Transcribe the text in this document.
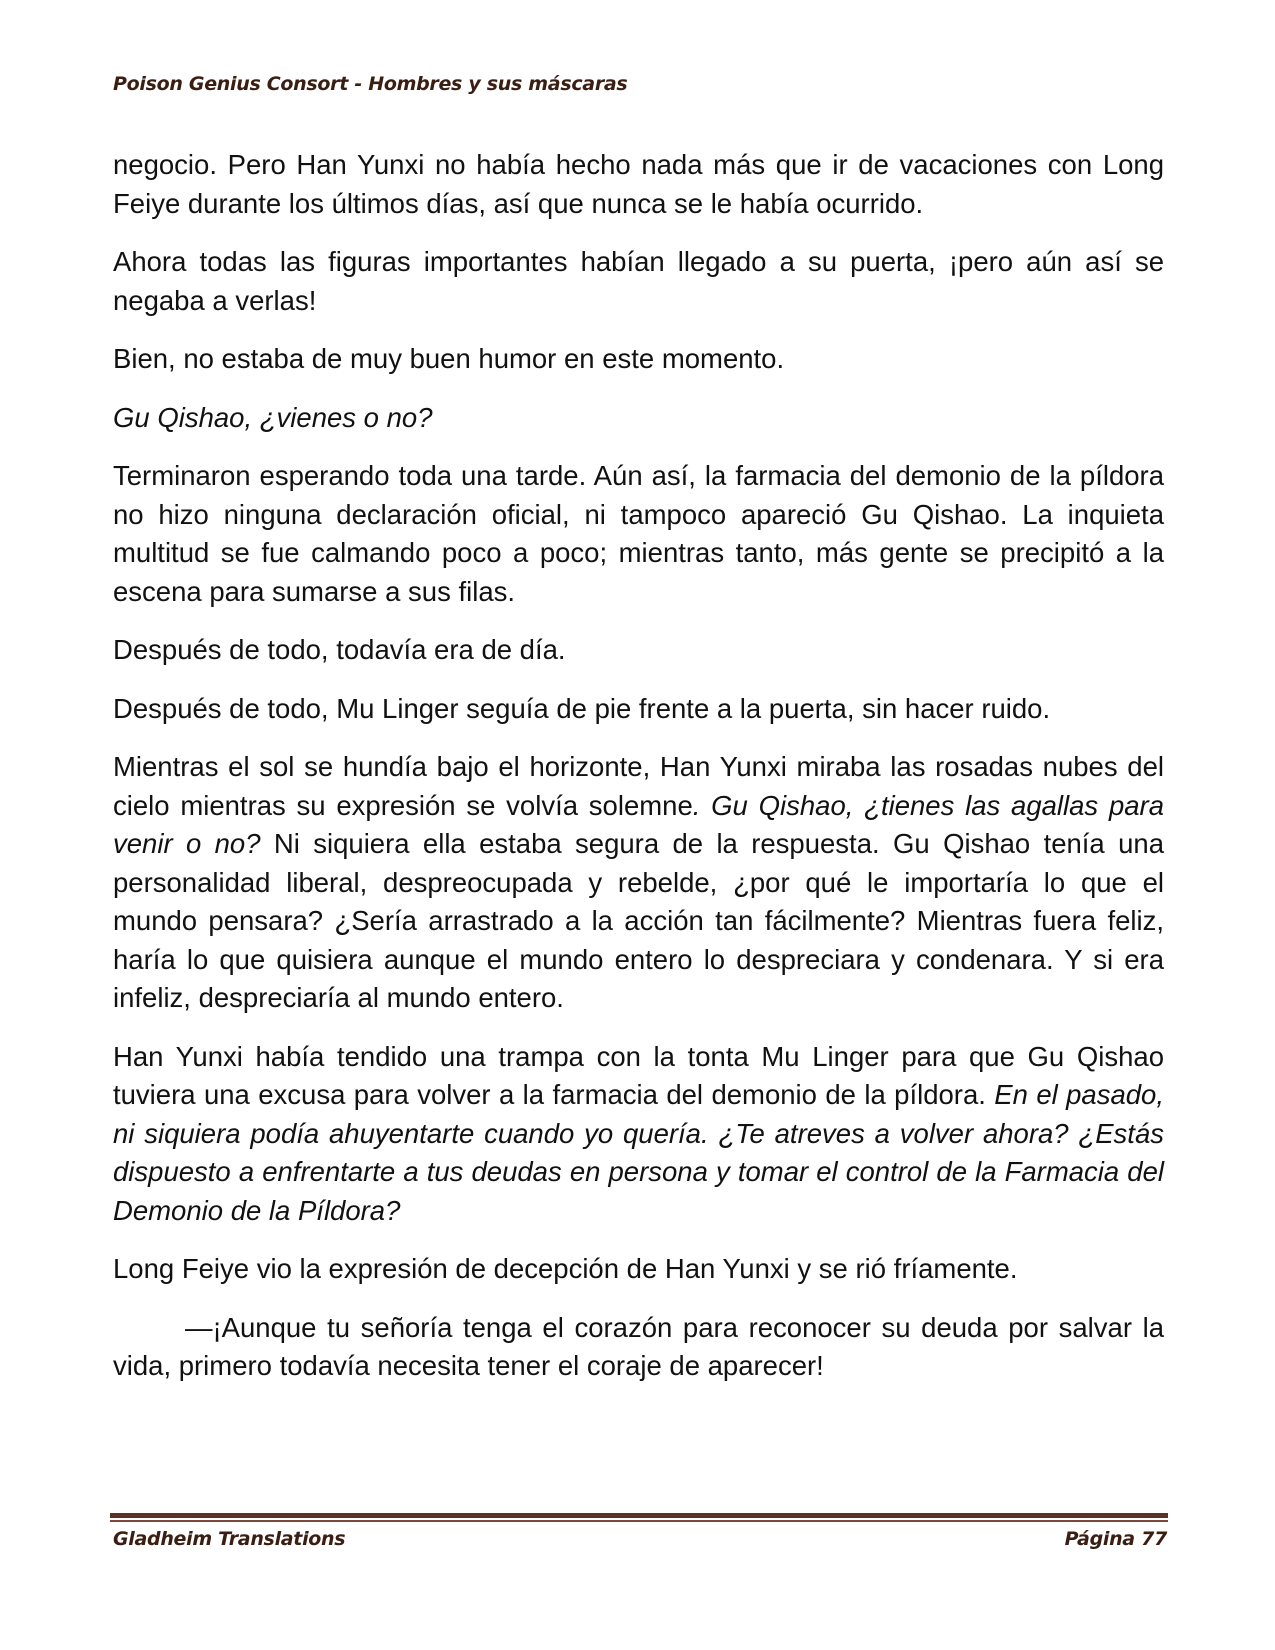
Poison Genius Consort - Hombres y sus máscaras

negocio. Pero Han Yunxi no había hecho nada más que ir de vacaciones con Long Feiye durante los últimos días, así que nunca se le había ocurrido.

Ahora todas las figuras importantes habían llegado a su puerta, ¡pero aún así se negaba a verlas!

Bien, no estaba de muy buen humor en este momento.

Gu Qishao, ¿vienes o no?

Terminaron esperando toda una tarde. Aún así, la farmacia del demonio de la píldora no hizo ninguna declaración oficial, ni tampoco apareció Gu Qishao. La inquieta multitud se fue calmando poco a poco; mientras tanto, más gente se precipitó a la escena para sumarse a sus filas.

Después de todo, todavía era de día.

Después de todo, Mu Linger seguía de pie frente a la puerta, sin hacer ruido.

Mientras el sol se hundía bajo el horizonte, Han Yunxi miraba las rosadas nubes del cielo mientras su expresión se volvía solemne. Gu Qishao, ¿tienes las agallas para venir o no? Ni siquiera ella estaba segura de la respuesta. Gu Qishao tenía una personalidad liberal, despreocupada y rebelde, ¿por qué le importaría lo que el mundo pensara? ¿Sería arrastrado a la acción tan fácilmente? Mientras fuera feliz, haría lo que quisiera aunque el mundo entero lo despreciara y condenara. Y si era infeliz, despreciaría al mundo entero.

Han Yunxi había tendido una trampa con la tonta Mu Linger para que Gu Qishao tuviera una excusa para volver a la farmacia del demonio de la píldora. En el pasado, ni siquiera podía ahuyentarte cuando yo quería. ¿Te atreves a volver ahora? ¿Estás dispuesto a enfrentarte a tus deudas en persona y tomar el control de la Farmacia del Demonio de la Píldora?

Long Feiye vio la expresión de decepción de Han Yunxi y se rió fríamente.

—¡Aunque tu señoría tenga el corazón para reconocer su deuda por salvar la vida, primero todavía necesita tener el coraje de aparecer!

Gladheim Translations	Página 77
